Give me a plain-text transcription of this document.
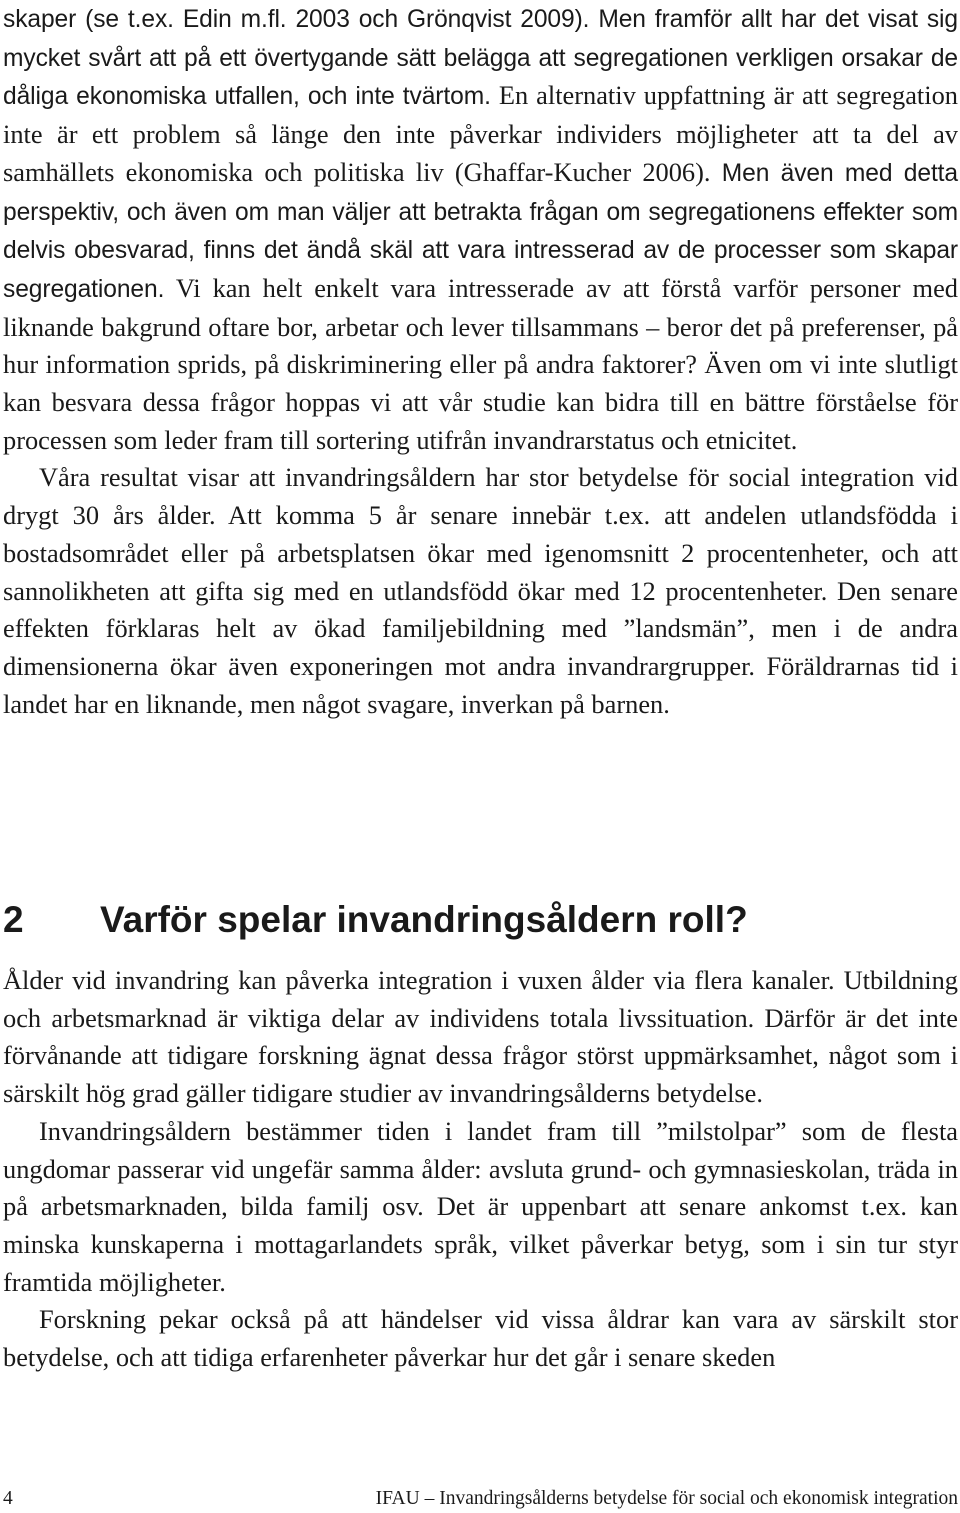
skaper (se t.ex. Edin m.fl. 2003 och Grönqvist 2009). Men framför allt har det visat sig mycket svårt att på ett övertygande sätt belägga att segregationen verkligen orsakar de dåliga ekonomiska utfallen, och inte tvärtom. En alternativ uppfattning är att segregation inte är ett problem så länge den inte påverkar individers möjligheter att ta del av samhällets ekonomiska och politiska liv (Ghaffar-Kucher 2006). Men även med detta perspektiv, och även om man väljer att betrakta frågan om segregationens effekter som delvis obesvarad, finns det ändå skäl att vara intresserad av de processer som skapar segregationen. Vi kan helt enkelt vara intresserade av att förstå varför personer med liknande bakgrund oftare bor, arbetar och lever tillsammans – beror det på preferenser, på hur information sprids, på diskriminering eller på andra faktorer? Även om vi inte slutligt kan besvara dessa frågor hoppas vi att vår studie kan bidra till en bättre förståelse för processen som leder fram till sortering utifrån invandrarstatus och etnicitet.

Våra resultat visar att invandringsåldern har stor betydelse för social integration vid drygt 30 års ålder. Att komma 5 år senare innebär t.ex. att andelen utlandsfödda i bostadsområdet eller på arbetsplatsen ökar med igenomsnitt 2 procentenheter, och att sannolikheten att gifta sig med en utlandsfödd ökar med 12 procentenheter. Den senare effekten förklaras helt av ökad familjebildning med ”landsmän”, men i de andra dimensionerna ökar även exponeringen mot andra invandrargrupper. Föräldrarnas tid i landet har en liknande, men något svagare, inverkan på barnen.

2 Varför spelar invandringsåldern roll?

Ålder vid invandring kan påverka integration i vuxen ålder via flera kanaler. Utbildning och arbetsmarknad är viktiga delar av individens totala livssituation. Därför är det inte förvånande att tidigare forskning ägnat dessa frågor störst uppmärksamhet, något som i särskilt hög grad gäller tidigare studier av invandringsålderns betydelse.

Invandringsåldern bestämmer tiden i landet fram till ”milstolpar” som de flesta ungdomar passerar vid ungefär samma ålder: avsluta grund- och gymnasieskolan, träda in på arbetsmarknaden, bilda familj osv. Det är uppenbart att senare ankomst t.ex. kan minska kunskaperna i mottagarlandets språk, vilket påverkar betyg, som i sin tur styr framtida möjligheter.

Forskning pekar också på att händelser vid vissa åldrar kan vara av särskilt stor betydelse, och att tidiga erfarenheter påverkar hur det går i senare skeden

4	IFAU – Invandringsålderns betydelse för social och ekonomisk integration
